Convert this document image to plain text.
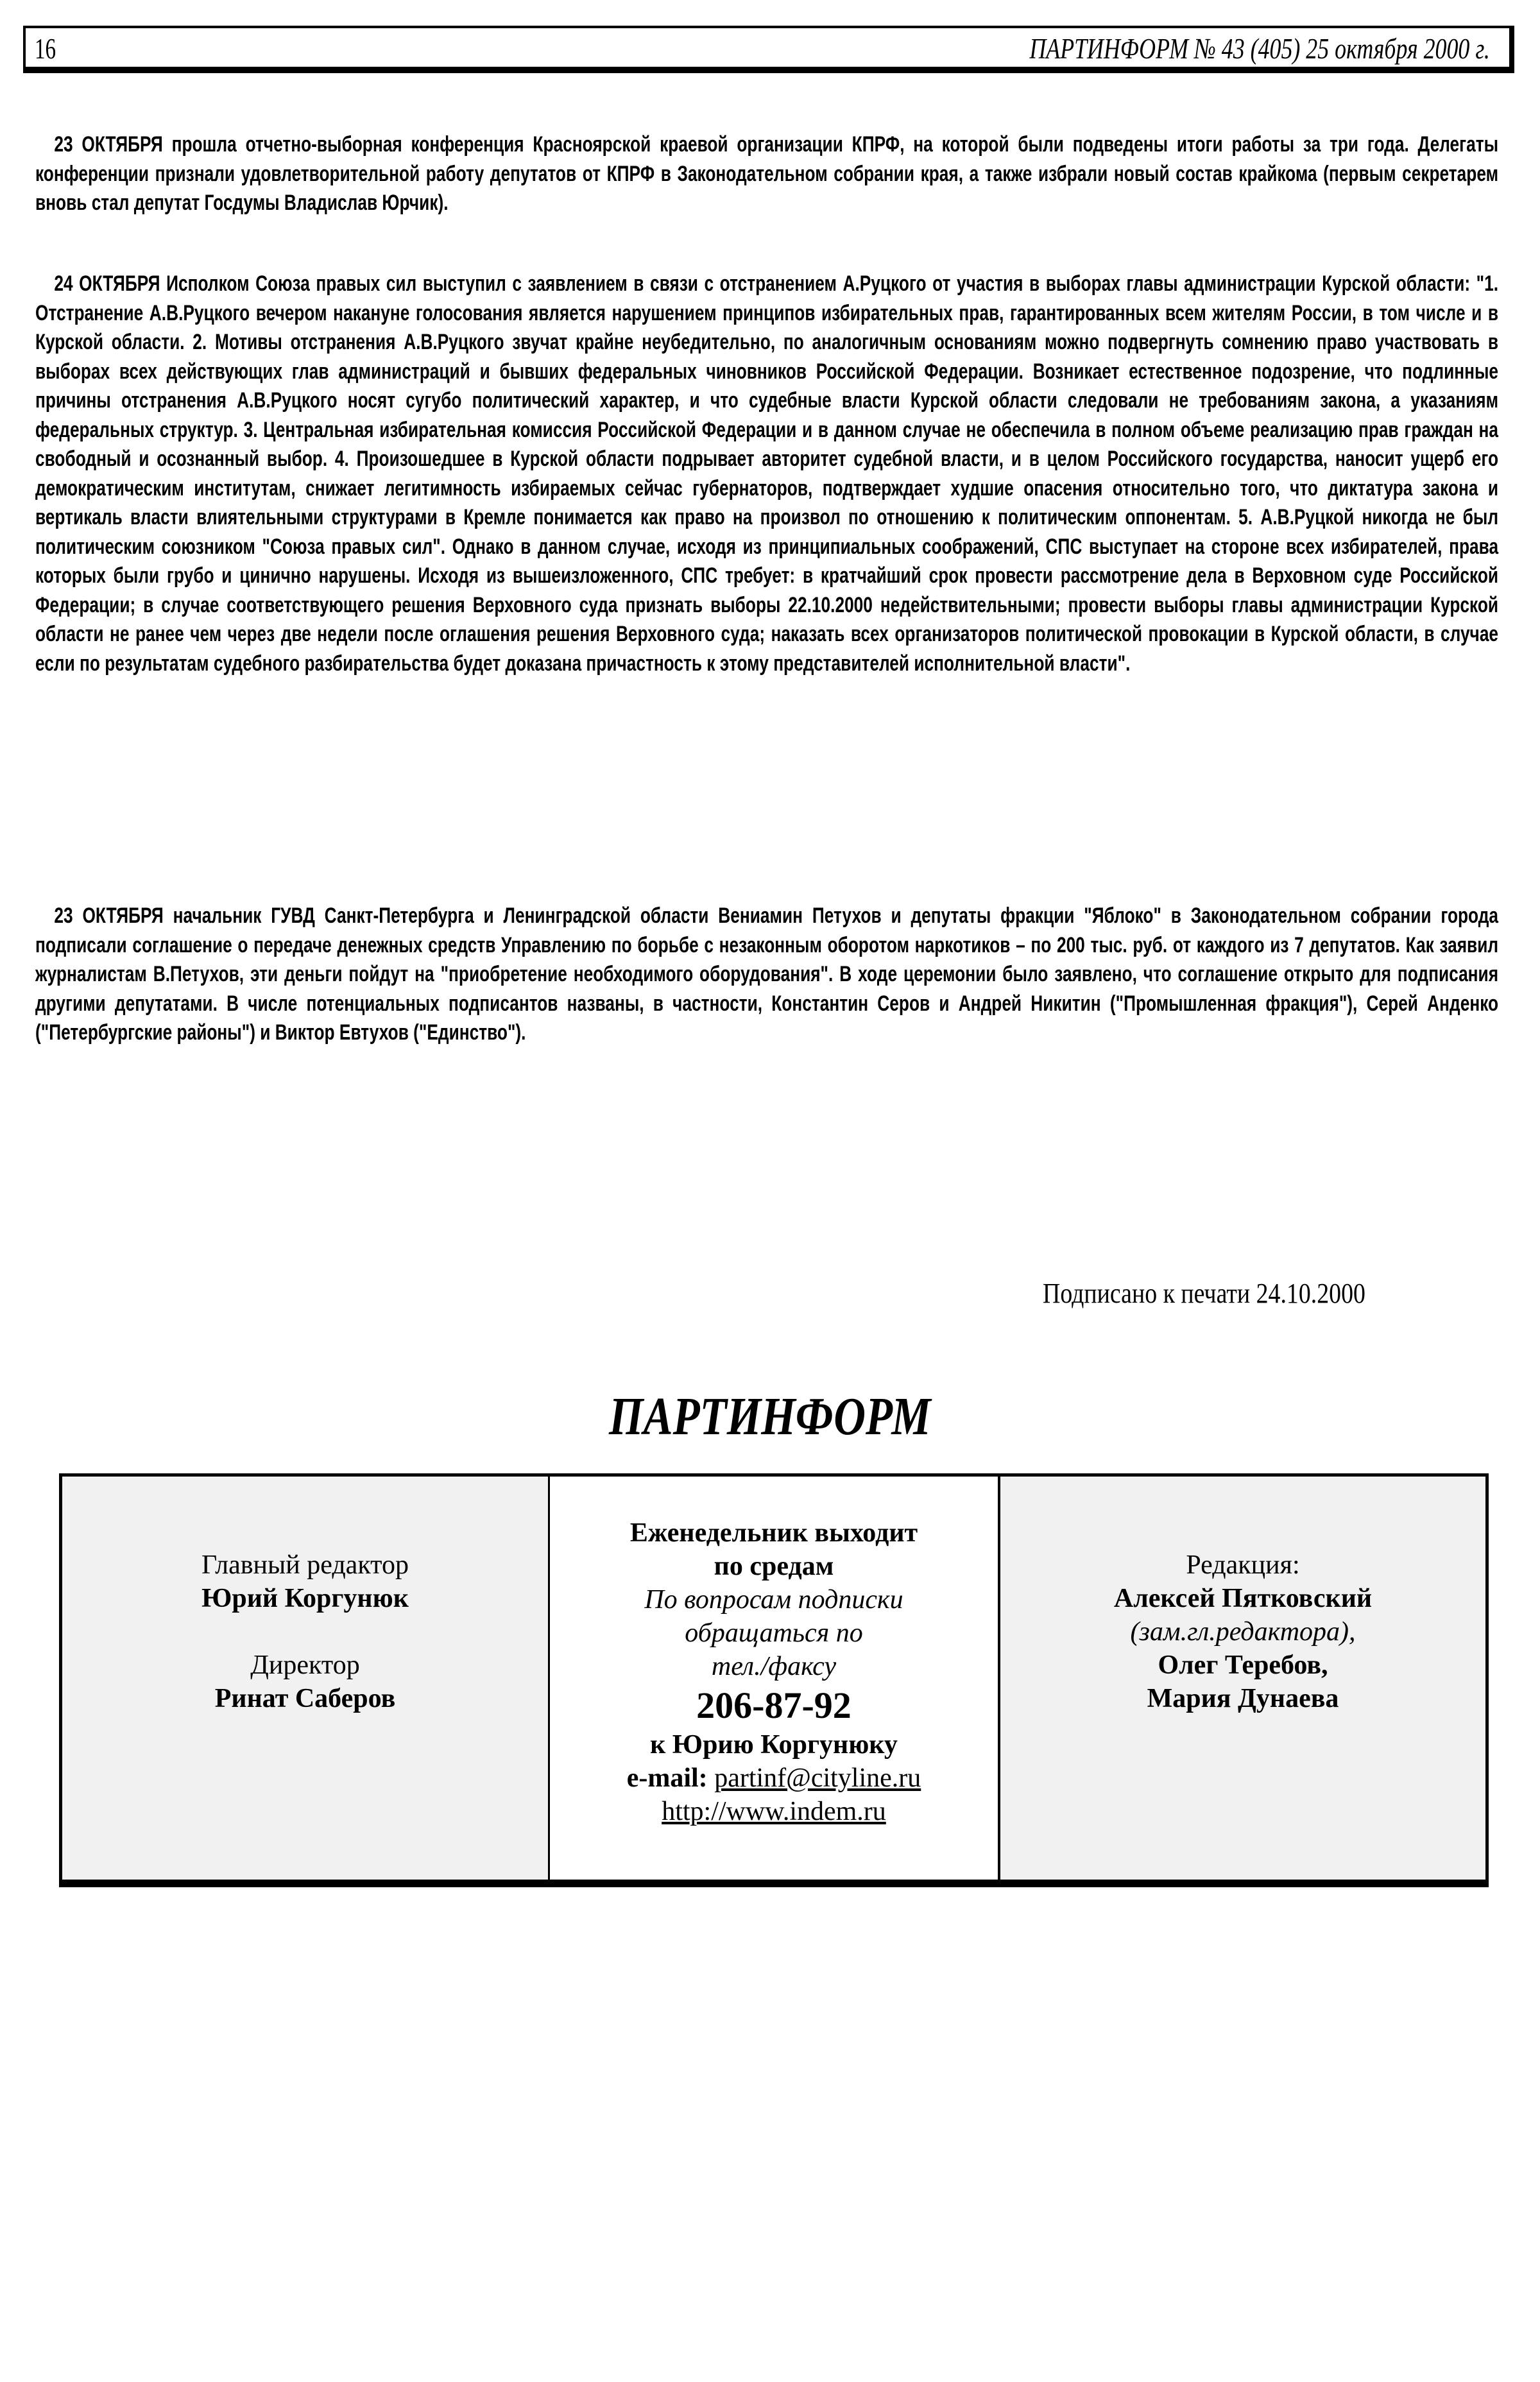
16	ПАРТИНФОРМ № 43 (405) 25 октября 2000 г.

23 ОКТЯБРЯ прошла отчетно-выборная конференция Красноярской краевой организации КПРФ, на которой были подведены итоги работы за три года. Делегаты конференции признали удовлетворительной работу депутатов от КПРФ в Законодательном собрании края, а также избрали новый состав крайкома (первым секретарем вновь стал депутат Госдумы Владислав Юрчик).

24 ОКТЯБРЯ Исполком Союза правых сил выступил с заявлением в связи с отстранением А.Руцкого от участия в выборах главы администрации Курской области: "1. Отстранение А.В.Руцкого вечером накануне голосования является нарушением принципов избирательных прав, гарантированных всем жителям России, в том числе и в Курской области. 2. Мотивы отстранения А.В.Руцкого звучат крайне неубедительно, по аналогичным основаниям можно подвергнуть сомнению право участвовать в выборах всех действующих глав администраций и бывших федеральных чиновников Российской Федерации. Возникает естественное подозрение, что подлинные причины отстранения А.В.Руцкого носят сугубо политический характер, и что судебные власти Курской области следовали не требованиям закона, а указаниям федеральных структур. 3. Центральная избирательная комиссия Российской Федерации и в данном случае не обеспечила в полном объеме реализацию прав граждан на свободный и осознанный выбор. 4. Произошедшее в Курской области подрывает авторитет судебной власти, и в целом Российского государства, наносит ущерб его демократическим институтам, снижает легитимность избираемых сейчас губернаторов, подтверждает худшие опасения относительно того, что диктатура закона и вертикаль власти влиятельными структурами в Кремле понимается как право на произвол по отношению к политическим оппонентам. 5. А.В.Руцкой никогда не был политическим союзником "Союза правых сил". Однако в данном случае, исходя из принципиальных соображений, СПС выступает на стороне всех избирателей, права которых были грубо и цинично нарушены. Исходя из вышеизложенного, СПС требует: в кратчайший срок провести рассмотрение дела в Верховном суде Российской Федерации; в случае соответствующего решения Верховного суда признать выборы 22.10.2000 недействительными; провести выборы главы администрации Курской области не ранее чем через две недели после оглашения решения Верховного суда; наказать всех организаторов политической провокации в Курской области, в случае если по результатам судебного разбирательства будет доказана причастность к этому представителей исполнительной власти".

23 ОКТЯБРЯ начальник ГУВД Санкт-Петербурга и Ленинградской области Вениамин Петухов и депутаты фракции "Яблоко" в Законодательном собрании города подписали соглашение о передаче денежных средств Управлению по борьбе с незаконным оборотом наркотиков – по 200 тыс. руб. от каждого из 7 депутатов. Как заявил журналистам В.Петухов, эти деньги пойдут на "приобретение необходимого оборудования". В ходе церемонии было заявлено, что соглашение открыто для подписания другими депутатами. В числе потенциальных подписантов названы, в частности, Константин Серов и Андрей Никитин ("Промышленная фракция"), Серей Анденко ("Петербургские районы") и Виктор Евтухов ("Единство").

Подписано к печати 24.10.2000
ПАРТИНФОРМ
Главный редактор
Юрий Коргунюк
Директор
Ринат Саберов
Еженедельник выходит
по средам
По вопросам подписки
обращаться по
тел./факсу
206-87-92
к Юрию Коргунюку
e-mail: partinf@cityline.ru
http://www.indem.ru
Редакция:
Алексей Пятковский
(зам.гл.редактора),
Олег Теребов,
Мария Дунаева
